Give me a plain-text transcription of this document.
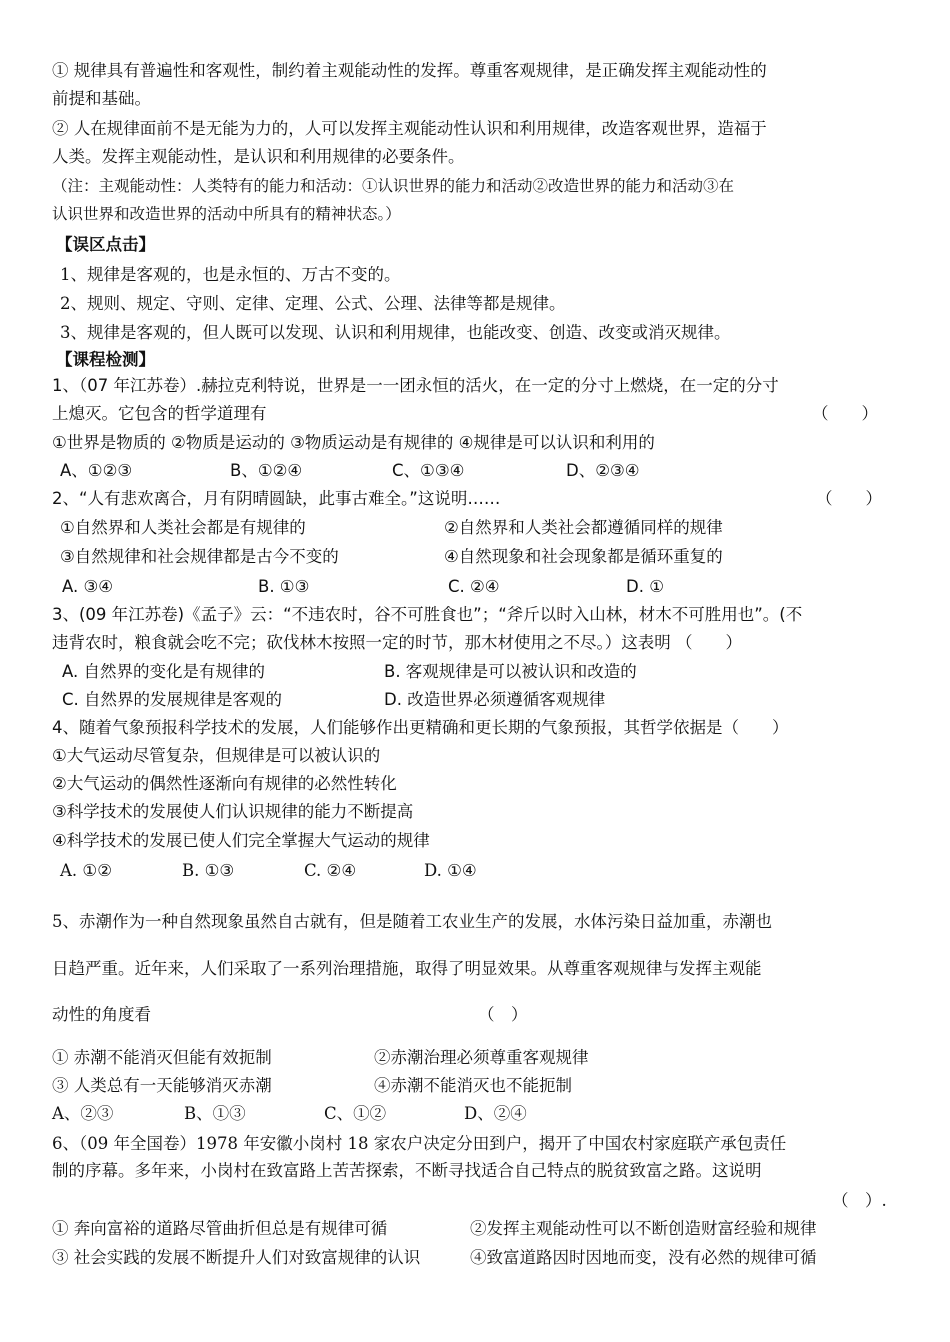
① 规律具有普遍性和客观性，制约着主观能动性的发挥。尊重客观规律，是正确发挥主观能动性的
前提和基础。
② 人在规律面前不是无能为力的，人可以发挥主观能动性认识和利用规律，改造客观世界，造福于
人类。发挥主观能动性，是认识和利用规律的必要条件。
（注：主观能动性：人类特有的能力和活动：①认识世界的能力和活动②改造世界的能力和活动③在
认识世界和改造世界的活动中所具有的精神状态。）
【误区点击】
1、规律是客观的，也是永恒的、万古不变的。
2、规则、规定、守则、定律、定理、公式、公理、法律等都是规律。
3、规律是客观的，但人既可以发现、认识和利用规律，也能改变、创造、改变或消灭规律。
【课程检测】
1、（07 年江苏卷）.赫拉克利特说，世界是一一团永恒的活火，在一定的分寸上燃烧，在一定的分寸
上熄灭。它包含的哲学道理有	（　　）
①世界是物质的 ②物质是运动的 ③物质运动是有规律的 ④规律是可以认识和利用的
A、①②③	B、①②④	C、①③④	D、②③④
2、“人有悲欢离合，月有阴晴圆缺，此事古难全。”这说明……	（　　）
①自然界和人类社会都是有规律的	②自然界和人类社会都遵循同样的规律
③自然规律和社会规律都是古今不变的	④自然现象和社会现象都是循环重复的
A. ③④	B. ①③	C. ②④	D. ①
3、(09 年江苏卷)《孟子》云：“不违农时，谷不可胜食也”；“斧斤以时入山林，材木不可胜用也”。(不
违背农时，粮食就会吃不完；砍伐林木按照一定的时节，那木材使用之不尽。）这表明 （　　）
A. 自然界的变化是有规律的	B. 客观规律是可以被认识和改造的
C. 自然界的发展规律是客观的	D. 改造世界必须遵循客观规律
4、随着气象预报科学技术的发展，人们能够作出更精确和更长期的气象预报，其哲学依据是（　　）
①大气运动尽管复杂，但规律是可以被认识的
②大气运动的偶然性逐渐向有规律的必然性转化
③科学技术的发展使人们认识规律的能力不断提高
④科学技术的发展已使人们完全掌握大气运动的规律
A. ①②	B. ①③	C. ②④	D. ①④
5、赤潮作为一种自然现象虽然自古就有，但是随着工农业生产的发展，水体污染日益加重，赤潮也
日趋严重。近年来，人们采取了一系列治理措施，取得了明显效果。从尊重客观规律与发挥主观能
动性的角度看	（　）
① 赤潮不能消灭但能有效扼制	②赤潮治理必须尊重客观规律
③ 人类总有一天能够消灭赤潮	④赤潮不能消灭也不能扼制
A、②③	B、①③	C、①②	D、②④
6、（09 年全国卷）1978 年安徽小岗村 18 家农户决定分田到户，揭开了中国农村家庭联产承包责任
制的序幕。多年来，小岗村在致富路上苦苦探索，不断寻找适合自己特点的脱贫致富之路。这说明
（　）.
① 奔向富裕的道路尽管曲折但总是有规律可循	②发挥主观能动性可以不断创造财富经验和规律
③ 社会实践的发展不断提升人们对致富规律的认识	④致富道路因时因地而变，没有必然的规律可循
